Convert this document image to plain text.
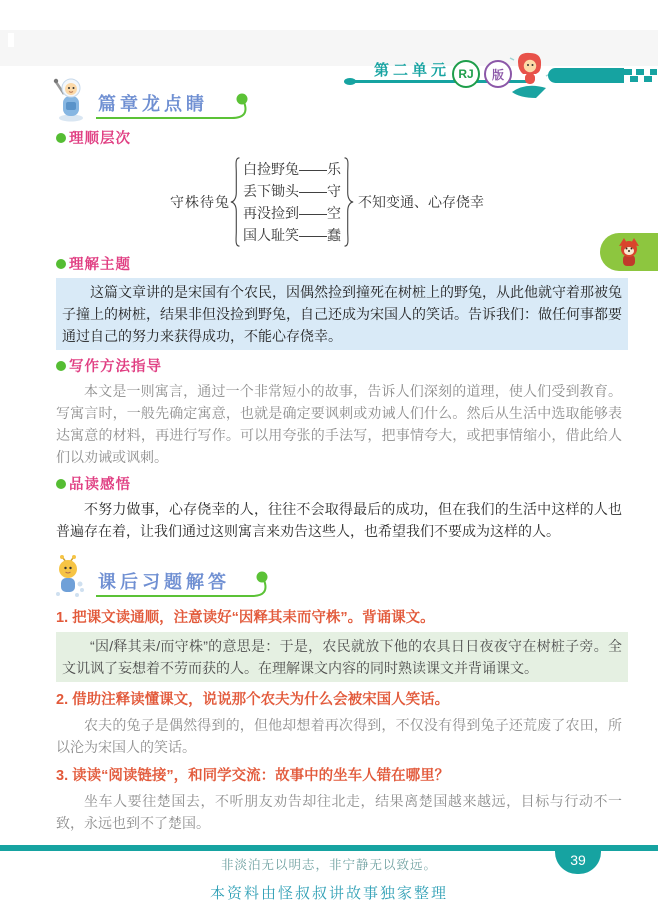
第二单元 RJ	版
篇章龙点睛
理顺层次
守株待兔
白捡野兔——乐
丢下锄头——守
再没捡到——空
国人耻笑——蠢
不知变通、心存侥幸
理解主题

这篇文章讲的是宋国有个农民，因偶然捡到撞死在树桩上的野兔，从此他就守着那被兔子撞上的树桩，结果非但没捡到野兔，自己还成为宋国人的笑话。告诉我们：做任何事都要通过自己的努力来获得成功，不能心存侥幸。

写作方法指导

本文是一则寓言，通过一个非常短小的故事，告诉人们深刻的道理，使人们受到教育。写寓言时，一般先确定寓意，也就是确定要讽刺或劝诫人们什么。然后从生活中选取能够表达寓意的材料，再进行写作。可以用夸张的手法写，把事情夸大，或把事情缩小，借此给人们以劝诫或讽刺。

品读感悟

不努力做事，心存侥幸的人，往往不会取得最后的成功，但在我们的生活中这样的人也普遍存在着，让我们通过这则寓言来劝告这些人，也希望我们不要成为这样的人。

课后习题解答
1. 把课文读通顺，注意读好“因释其耒而守株”。背诵课文。

“因/释其耒/而守株”的意思是：于是，农民就放下他的农具日日夜夜守在树桩子旁。全文讥讽了妄想着不劳而获的人。在理解课文内容的同时熟读课文并背诵课文。

2. 借助注释读懂课文，说说那个农夫为什么会被宋国人笑话。

农夫的兔子是偶然得到的，但他却想着再次得到，不仅没有得到兔子还荒废了农田，所以沦为宋国人的笑话。

3. 读读“阅读链接”，和同学交流：故事中的坐车人错在哪里？

坐车人要往楚国去，不听朋友劝告却往北走，结果离楚国越来越远，目标与行动不一致，永远也到不了楚国。

39
非淡泊无以明志，非宁静无以致远。
本资料由怪叔叔讲故事独家整理
